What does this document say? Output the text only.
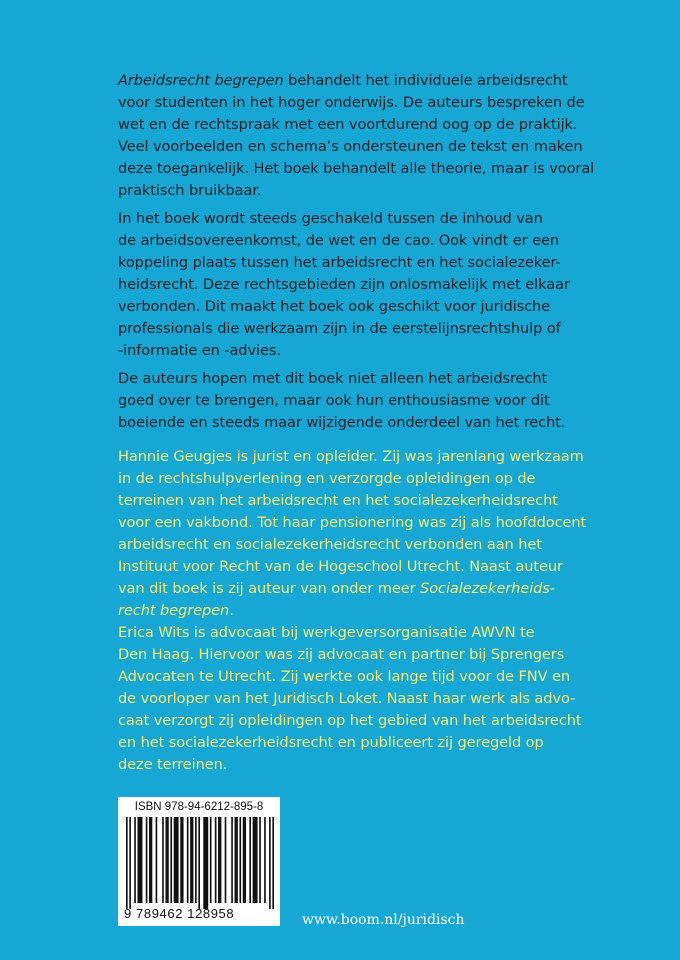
Arbeidsrecht begrepen behandelt het individuele arbeidsrecht
voor studenten in het hoger onderwijs. De auteurs bespreken de
wet en de rechtspraak met een voortdurend oog op de praktijk.
Veel voorbeelden en schema’s ondersteunen de tekst en maken
deze toegankelijk. Het boek behandelt alle theorie, maar is vooral
praktisch bruikbaar.

In het boek wordt steeds geschakeld tussen de inhoud van
de arbeidsovereenkomst, de wet en de cao. Ook vindt er een
koppeling plaats tussen het arbeidsrecht en het socialezeker-
heidsrecht. Deze rechtsgebieden zijn onlosmakelijk met elkaar
verbonden. Dit maakt het boek ook geschikt voor juridische
professionals die werkzaam zijn in de eerstelijnsrechtshulp of
-informatie en -advies.

De auteurs hopen met dit boek niet alleen het arbeidsrecht
goed over te brengen, maar ook hun enthousiasme voor dit
boeiende en steeds maar wijzigende onderdeel van het recht.

Hannie Geugjes is jurist en opleider. Zij was jarenlang werkzaam
in de rechtshulpverlening en verzorgde opleidingen op de
terreinen van het arbeidsrecht en het socialezekerheidsrecht
voor een vakbond. Tot haar pensionering was zij als hoofddocent
arbeidsrecht en socialezekerheidsrecht verbonden aan het
Instituut voor Recht van de Hogeschool Utrecht. Naast auteur
van dit boek is zij auteur van onder meer Socialezekerheids-
recht begrepen.

Erica Wits is advocaat bij werkgeversorganisatie AWVN te
Den Haag. Hiervoor was zij advocaat en partner bij Sprengers
Advocaten te Utrecht. Zij werkte ook lange tijd voor de FNV en
de voorloper van het Juridisch Loket. Naast haar werk als advo-
caat verzorgt zij opleidingen op het gebied van het arbeidsrecht
en het socialezekerheidsrecht en publiceert zij geregeld op
deze terreinen.

ISBN 978-94-6212-895-8
9 789462 128958	www.boom.nl/juridisch
